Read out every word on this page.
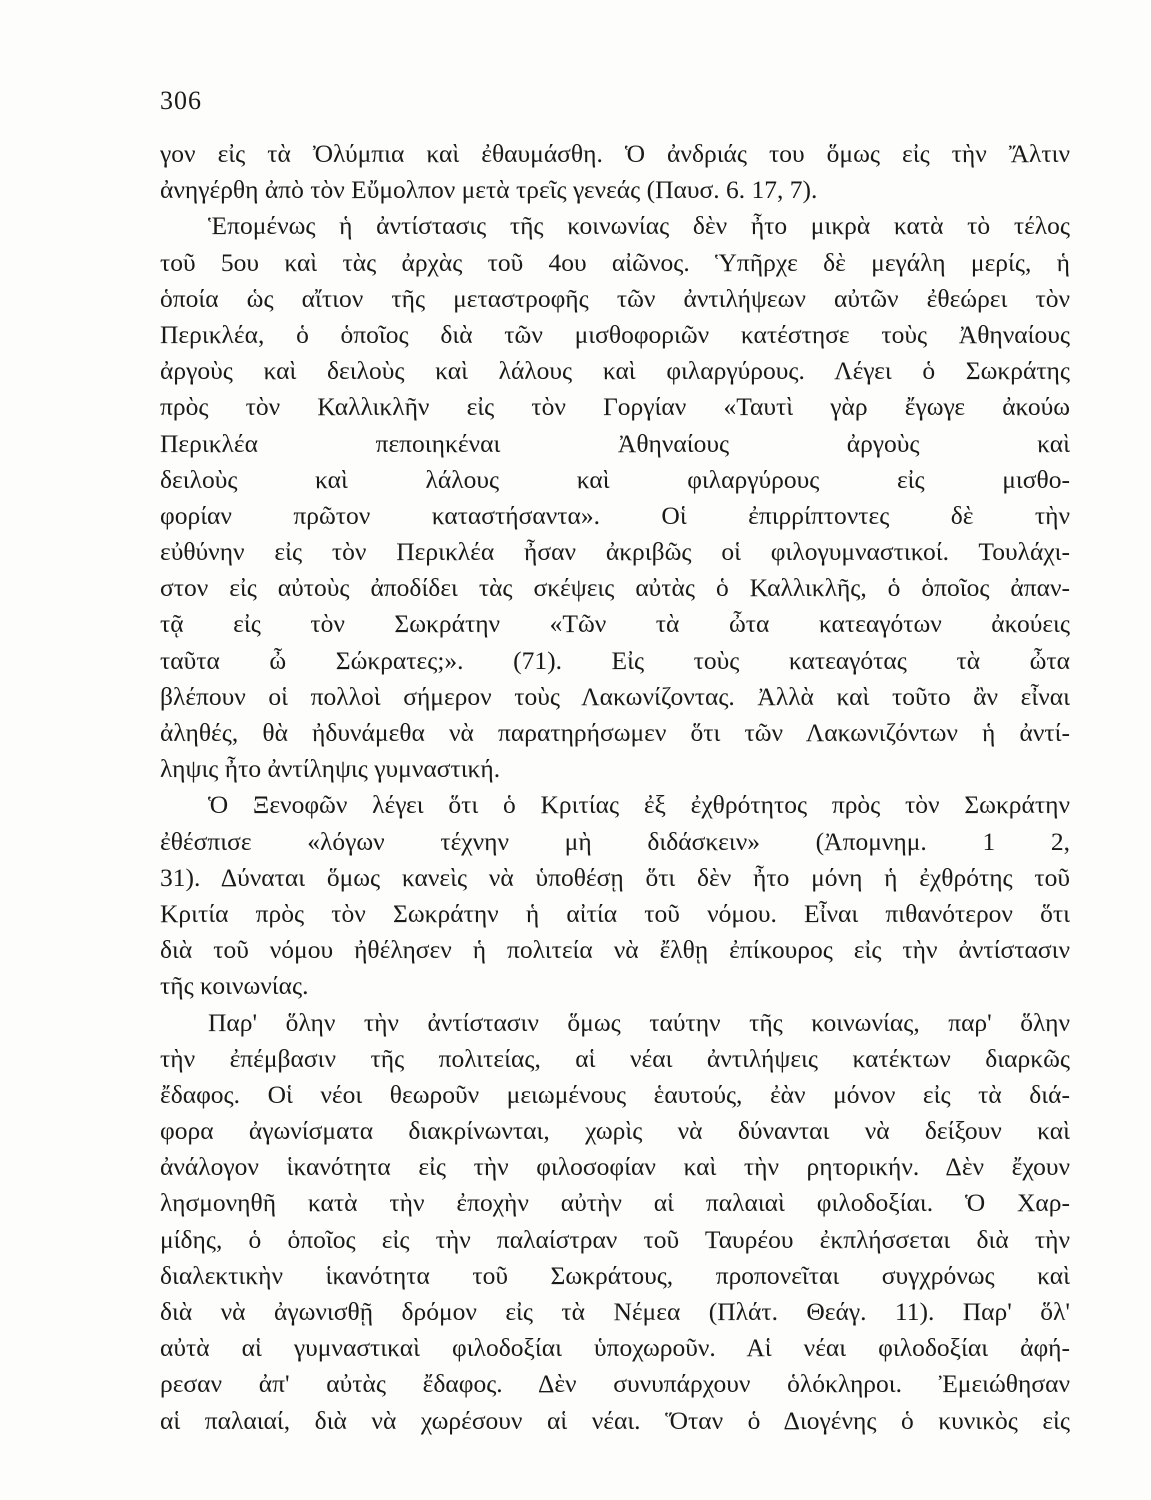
306
γον εἰς τὰ Ὀλύμπια καὶ ἐθαυμάσθη. Ὁ ἀνδριάς του ὅμως εἰς τὴν Ἄλτιν
ἀνηγέρθη ἀπὸ τὸν Εὔμολπον μετὰ τρεῖς γενεάς (Παυσ. 6. 17, 7).
Ἑπομένως ἡ ἀντίστασις τῆς κοινωνίας δὲν ἦτο μικρὰ κατὰ τὸ τέλος
τοῦ 5ου καὶ τὰς ἀρχὰς τοῦ 4ου αἰῶνος. Ὑπῆρχε δὲ μεγάλη μερίς, ἡ
ὁποία ὡς αἴτιον τῆς μεταστροφῆς τῶν ἀντιλήψεων αὐτῶν ἐθεώρει τὸν
Περικλέα, ὁ ὁποῖος διὰ τῶν μισθοφοριῶν κατέστησε τοὺς Ἀθηναίους
ἀργοὺς καὶ δειλοὺς καὶ λάλους καὶ φιλαργύρους. Λέγει ὁ Σωκράτης
πρὸς τὸν Καλλικλῆν εἰς τὸν Γοργίαν «Ταυτὶ γὰρ ἔγωγε ἀκούω
Περικλέα πεποιηκέναι Ἀθηναίους ἀργοὺς καὶ
δειλοὺς καὶ λάλους καὶ φιλαργύρους εἰς μισθο-
φορίαν πρῶτον καταστήσαντα». Οἱ ἐπιρρίπτοντες δὲ τὴν
εὐθύνην εἰς τὸν Περικλέα ἦσαν ἀκριβῶς οἱ φιλογυμναστικοί. Τουλάχι-
στον εἰς αὐτοὺς ἀποδίδει τὰς σκέψεις αὐτὰς ὁ Καλλικλῆς, ὁ ὁποῖος ἀπαν-
τᾷ εἰς τὸν Σωκράτην «Τῶν τὰ ὦτα κατεαγότων ἀκούεις
ταῦτα ὦ Σώκρατες;». (71). Εἰς τοὺς κατεαγότας τὰ ὦτα
βλέπουν οἱ πολλοὶ σήμερον τοὺς Λακωνίζοντας. Ἀλλὰ καὶ τοῦτο ἂν εἶναι
ἀληθές, θὰ ἠδυνάμεθα νὰ παρατηρήσωμεν ὅτι τῶν Λακωνιζόντων ἡ ἀντί-
ληψις ἦτο ἀντίληψις γυμναστική.
Ὁ Ξενοφῶν λέγει ὅτι ὁ Κριτίας ἐξ ἐχθρότητος πρὸς τὸν Σωκράτην
ἐθέσπισε «λόγων τέχνην μὴ διδάσκειν» (Ἀπομνημ. 1 2,
31). Δύναται ὅμως κανεὶς νὰ ὑποθέσῃ ὅτι δὲν ἦτο μόνη ἡ ἐχθρότης τοῦ
Κριτία πρὸς τὸν Σωκράτην ἡ αἰτία τοῦ νόμου. Εἶναι πιθανότερον ὅτι
διὰ τοῦ νόμου ἠθέλησεν ἡ πολιτεία νὰ ἔλθῃ ἐπίκουρος εἰς τὴν ἀντίστασιν
τῆς κοινωνίας.
Παρ' ὅλην τὴν ἀντίστασιν ὅμως ταύτην τῆς κοινωνίας, παρ' ὅλην
τὴν ἐπέμβασιν τῆς πολιτείας, αἱ νέαι ἀντιλήψεις κατέκτων διαρκῶς
ἔδαφος. Οἱ νέοι θεωροῦν μειωμένους ἑαυτούς, ἐὰν μόνον εἰς τὰ διά-
φορα ἀγωνίσματα διακρίνωνται, χωρὶς νὰ δύνανται νὰ δείξουν καὶ
ἀνάλογον ἱκανότητα εἰς τὴν φιλοσοφίαν καὶ τὴν ρητορικήν. Δὲν ἔχουν
λησμονηθῆ κατὰ τὴν ἐποχὴν αὐτὴν αἱ παλαιαὶ φιλοδοξίαι. Ὁ Χαρ-
μίδης, ὁ ὁποῖος εἰς τὴν παλαίστραν τοῦ Ταυρέου ἐκπλήσσεται διὰ τὴν
διαλεκτικὴν ἱκανότητα τοῦ Σωκράτους, προπονεῖται συγχρόνως καὶ
διὰ νὰ ἀγωνισθῇ δρόμον εἰς τὰ Νέμεα (Πλάτ. Θεάγ. 11). Παρ' ὅλ'
αὐτὰ αἱ γυμναστικαὶ φιλοδοξίαι ὑποχωροῦν. Αἱ νέαι φιλοδοξίαι ἀφή-
ρεσαν ἀπ' αὐτὰς ἔδαφος. Δὲν συνυπάρχουν ὁλόκληροι. Ἐμειώθησαν
αἱ παλαιαί, διὰ νὰ χωρέσουν αἱ νέαι. Ὅταν ὁ Διογένης ὁ κυνικὸς εἰς
